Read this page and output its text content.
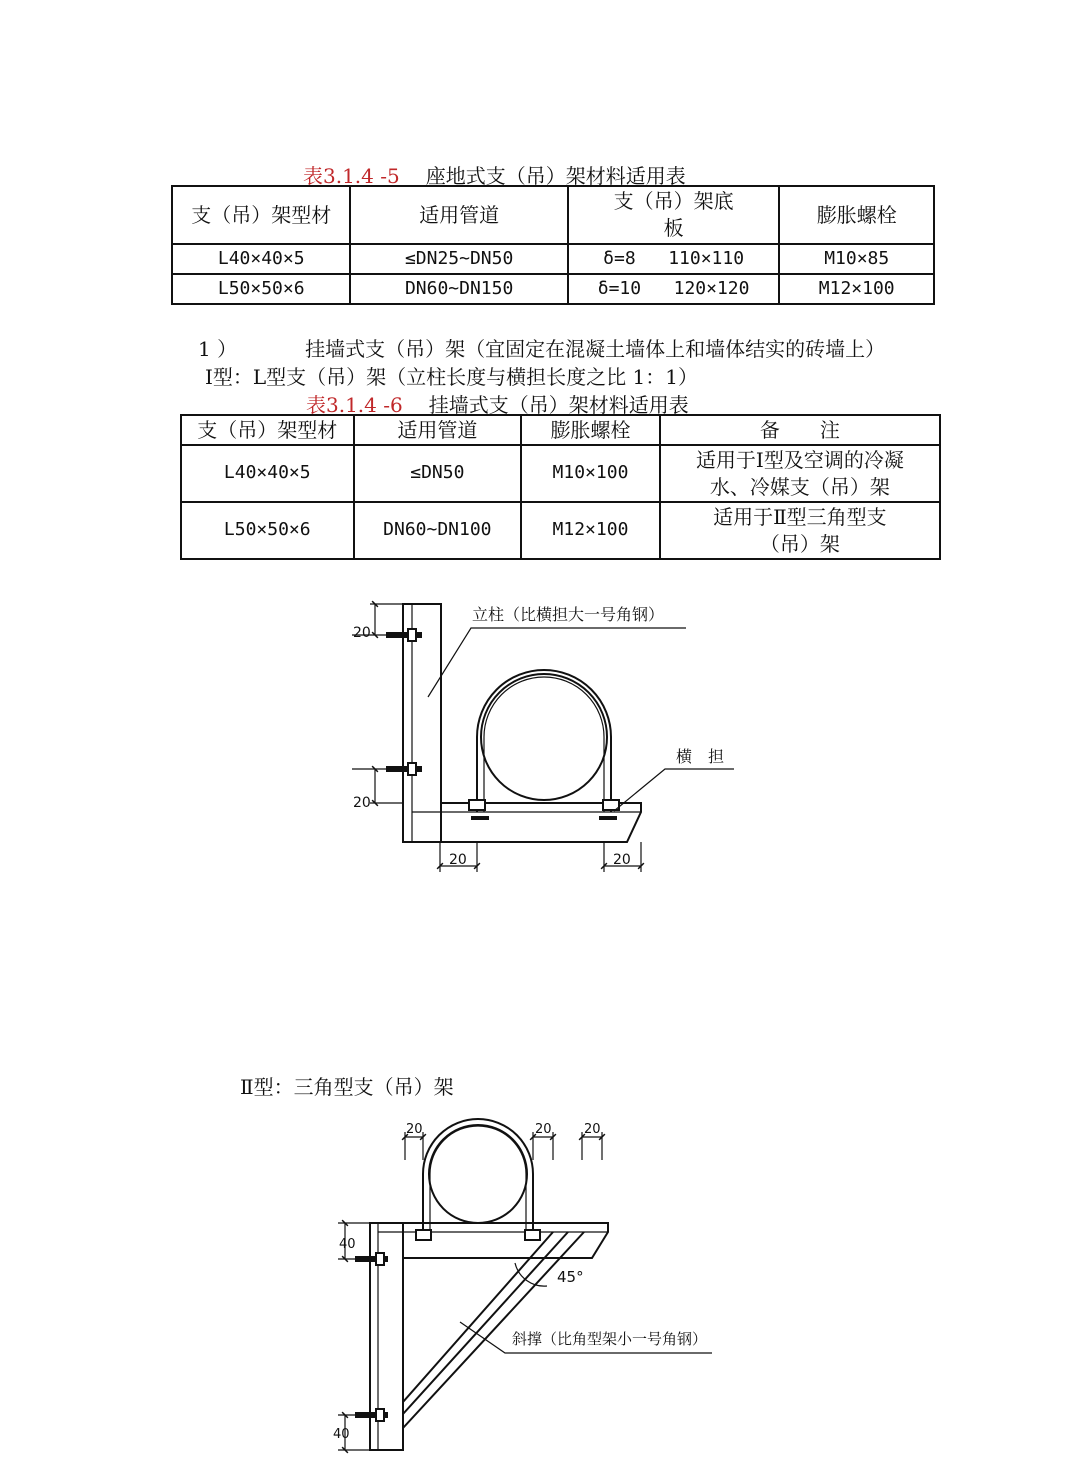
表3.1.4 -5 座地式支（吊）架材料适用表
支（吊）架型材	适用管道	支（吊）架底板	膨胀螺栓
L40×40×5	≤DN25~DN50	δ=8   110×110	M10×85
L50×50×6	DN60~DN150	δ=10   120×120	M12×100
1 ）	挂墙式支（吊）架（宜固定在混凝土墙体上和墙体结实的砖墙上）
Ⅰ型：L型支（吊）架（立柱长度与横担长度之比 1：1）
表3.1.4 -6 挂墙式支（吊）架材料适用表
支（吊）架型材	适用管道	膨胀螺栓	备　　注
L40×40×5	≤DN50	M10×100	适用于Ⅰ型及空调的冷凝水、冷媒支（吊）架
L50×50×6	DN60~DN100	M12×100	适用于Ⅱ型三角型支（吊）架
Ⅱ型：三角型支（吊）架
立柱（比横担大一号角钢）
横　担
20
20
20	20
20	20 20
40
40
45°
斜撑（比角型架小一号角钢）
